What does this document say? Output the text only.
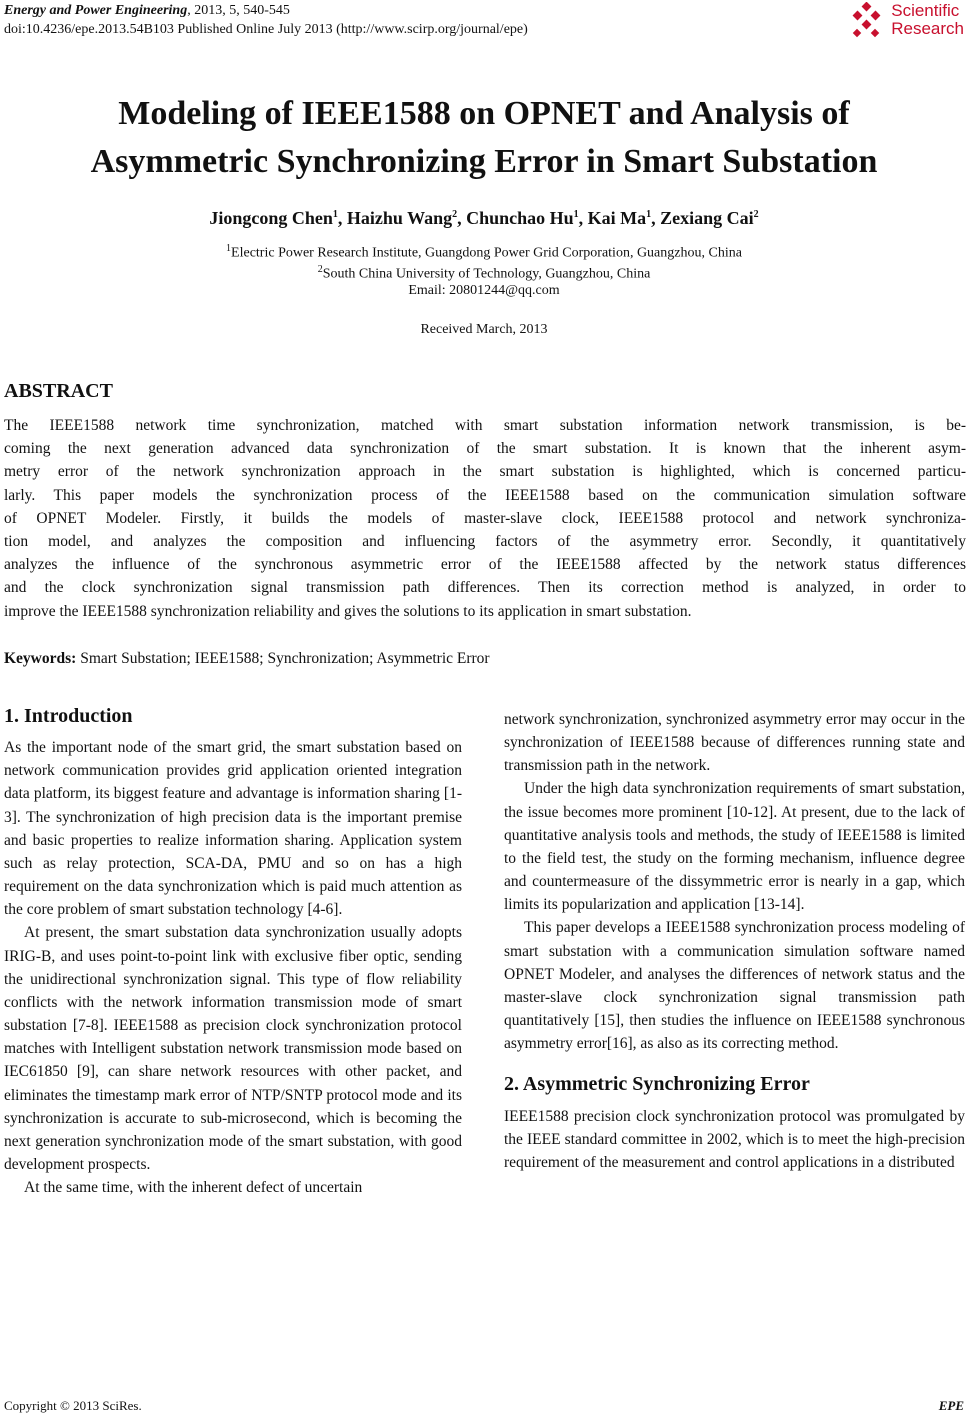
Energy and Power Engineering, 2013, 5, 540-545
doi:10.4236/epe.2013.54B103 Published Online July 2013 (http://www.scirp.org/journal/epe)
Scientific
Research
Modeling of IEEE1588 on OPNET and Analysis of
Asymmetric Synchronizing Error in Smart Substation
Jiongcong Chen$^1$, Haizhu Wang$^2$, Chunchao Hu$^1$, Kai Ma$^1$, Zexiang Cai$^2$
$^1$Electric Power Research Institute, Guangdong Power Grid Corporation, Guangzhou, China
$^2$South China University of Technology, Guangzhou, China
Email: 20801244@qq.com
Received March, 2013
ABSTRACT
The IEEE1588 network time synchronization, matched with smart substation information network transmission, is be-
coming the next generation advanced data synchronization of the smart substation. It is known that the inherent asym-
metry error of the network synchronization approach in the smart substation is highlighted, which is concerned particu-
larly. This paper models the synchronization process of the IEEE1588 based on the communication simulation software
of OPNET Modeler. Firstly, it builds the models of master-slave clock, IEEE1588 protocol and network synchroniza-
tion model, and analyzes the composition and influencing factors of the asymmetry error. Secondly, it quantitatively
analyzes the influence of the synchronous asymmetric error of the IEEE1588 affected by the network status differences
and the clock synchronization signal transmission path differences. Then its correction method is analyzed, in order to
improve the IEEE1588 synchronization reliability and gives the solutions to its application in smart substation.
Keywords: Smart Substation; IEEE1588; Synchronization; Asymmetric Error
1. Introduction

As the important node of the smart grid, the smart substation based on network communication provides grid application oriented integration data platform, its biggest feature and advantage is information sharing [1-3]. The synchronization of high precision data is the important premise and basic properties to realize information sharing. Application system such as relay protection, SCA-DA, PMU and so on has a high requirement on the data synchronization which is paid much attention as the core problem of smart substation technology [4-6].

At present, the smart substation data synchronization usually adopts IRIG-B, and uses point-to-point link with exclusive fiber optic, sending the unidirectional synchronization signal. This type of flow reliability conflicts with the network information transmission mode of smart substation [7-8]. IEEE1588 as precision clock synchronization protocol matches with Intelligent substation network transmission mode based on IEC61850 [9], can share network resources with other packet, and eliminates the timestamp mark error of NTP/SNTP protocol mode and its synchronization is accurate to sub-microsecond, which is becoming the next generation synchronization mode of the smart substation, with good development prospects.

At the same time, with the inherent defect of uncertain

network synchronization, synchronized asymmetry error may occur in the synchronization of IEEE1588 because of differences running state and transmission path in the network.

Under the high data synchronization requirements of smart substation, the issue becomes more prominent [10-12]. At present, due to the lack of quantitative analysis tools and methods, the study of IEEE1588 is limited to the field test, the study on the forming mechanism, influence degree and countermeasure of the dissymmetric error is nearly in a gap, which limits its popularization and application [13-14].

This paper develops a IEEE1588 synchronization process modeling of smart substation with a communication simulation software named OPNET Modeler, and analyses the differences of network status and the master-slave clock synchronization signal transmission path quantitatively [15], then studies the influence on IEEE1588 synchronous asymmetry error[16], as also as its correcting method.

2. Asymmetric Synchronizing Error

IEEE1588 precision clock synchronization protocol was promulgated by the IEEE standard committee in 2002, which is to meet the high-precision requirement of the measurement and control applications in a distributed

Copyright © 2013 SciRes.	EPE
